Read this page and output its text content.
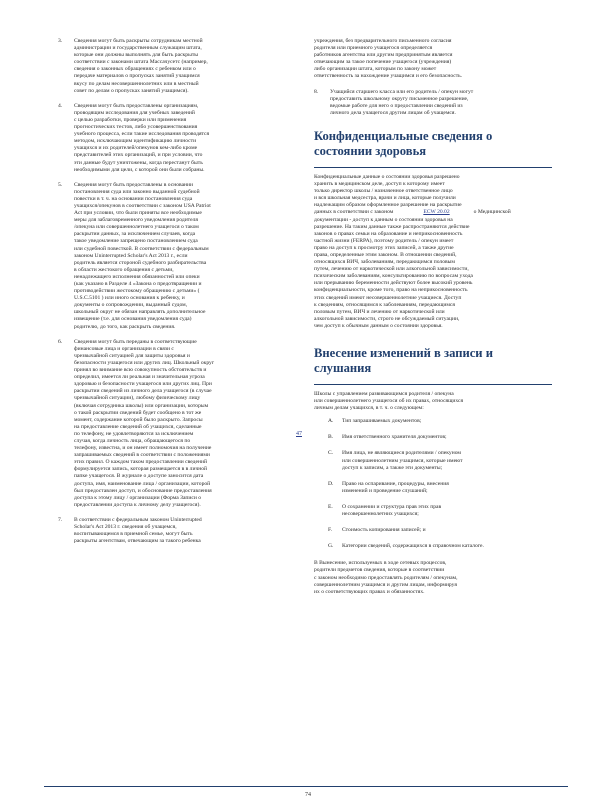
3. Сведения могут быть раскрыты сотрудникам местной
администрации и государственным служащим штата,
которые они должны выполнять для быть раскрыты
соответствии с законами штата Массачусетс (например,
сведения о законных обращениях с ребенком или о
передаче материалов о пропусках занятий учащимся
вкусу по делам несовершеннолетних или в местный
совет по делам о пропусках занятий учащимся).
4. Сведения могут быть предоставлены организациям,
проводящим исследования для учебных заведений
с целью разработки, проверки или применения
прогностических тестов, либо усовершенствования
учебного процесса, если такие исследования проводятся
методом, исключающим идентификацию личности
учащихся и их родителей/опекунов кем-либо кроме
представителей этих организаций, и при условии, что
эти данные будут уничтожены, когда перестанут быть
необходимыми для цели, с которой они были собраны.
5. Сведения могут быть предоставлены в основании
постановления суда или законно выданной судебной
повестки в т. ч. на основании постановления суда
учащихся/опекунов в соответствии с законом USA Patriot
Act при условии, что были приняты все необходимые
меры для заблаговременного уведомления родителя
/опекуна или совершеннолетнего учащегося о таком
раскрытии данных, за исключением случаев, когда
такое уведомление запрещено постановлением суда
или судебной повесткой. В соответствии с федеральным
законом Uninterrupted Scholar's Act 2013 г., если
родитель является стороной судебного разбирательства
в области жестокого обращения с детьми,
ненадлежащего исполнения обязанностей или опеки
(как указано в Разделе 4 «Закона о предотвращении и
противодействии жестокому обращению с детьми» (
U.S.C.5101 ) или иного основания к ребенку, и
документы о сопровождении, выданный судом,
школьный округ не обязан направлять дополнительное
извещение (т.е. для основания уведомления суда)
родителю, до того, как раскрыть сведения.
6. Сведения могут быть переданы в соответствующие
финансовые лица и организации в связи с
чрезвычайной ситуацией для защиты здоровья и
безопасности учащегося или других лиц. Школьный округ
принял во внимание всю совокупность обстоятельств и
определил, имеется ли реальная и значительная угроза
здоровью и безопасности учащегося или других лиц. При
раскрытии сведений из личного дела учащегося (в случае
чрезвычайной ситуации), любому физическому лицу
(включая сотрудника школы) или организации, которым
о такой раскрытии сведений будет сообщено в тот же
момент, содержание которой было раскрыто. Запросы
на предоставление сведений об учащихся, сделанные
по телефону, не удовлетворяются за исключением
случая, когда личность лица, обращающегося по
телефону, известна, и он имеет полномочия на получение
запрашиваемых сведений в соответствии с положениями
этих правил. О каждом таком предоставлении сведений
формулируется запись, которая размещается в в личной
папке учащегося. В журнале о доступе заносится дата
доступа, имя, наименование лица / организации, которой
был предоставлен доступ, и обоснование предоставления
доступа к этому лицу / организации (Форма Записи о
предоставлении доступа к личному делу учащегося).
7. В соответствии с федеральным законом Uninterrupted
Scholar's Act 2013 г. сведения об учащемся,
воспитывающемся в приемной семье, могут быть
раскрыты агентствам, отвечающим за такого ребенка
учреждения, без предварительного письменного согласия
родителя или приемного учащегося определяется
работников агентства или другим предпринятым является
отвечающим за такое попечение учащегося (учреждения)
либо организации штата, которым по закону может
ответственность за нахождение учащимся и его безопасность.
8. Учащийся старшего класса или его родитель / опекун могут
предоставить школьному округу письменное разрешение,
ведомые работе для него о предоставлении сведений из
личного дела учащегося другим лицам об учащемся.
Конфиденциальные сведения о состоянии здоровья
Конфиденциальные данные о состоянии здоровья разрешено
хранить в медицинском деле, доступ к которому имеет
только директор школы / назначенное ответственное лицо
и вся школьная медсестра, врачи и лица, которые получили
надлежащим образом оформленное разрешение на раскрытие
данных в соответствии с законом	ECW 20.02	о Медицинской
документации - доступ к данным о состоянии здоровья на
разрешение. На таким данные также распространяются действие
законов о правах семьи на образование и неприкосновенность
частной жизни (FERPA), поэтому родитель / опекун имеет
право на доступ к просмотру этих записей, а также другие
права, определенные этим законом. В отношении сведений,
относящихся ВИЧ, заболеваниям, передающимся половым
путем, лечению от наркотической или алкогольной зависимости,
психическим заболеваниям, консультированию по вопросам ухода
или прерыванию беременности действуют более высокий уровень
конфиденциальности, кроме того, право на неприкосновенность
этих сведений имеют несовершеннолетние учащиеся. Доступ
к сведениям, относящимся к заболеваниям, передающимся
половым путем, ВИЧ и лечению от наркотической или
алкогольной зависимости, строго не обсуждаемый ситуации,
чем доступ к обычным данным о состоянии здоровья.
Внесение изменений в записи и слушания
Школы с управлением развивающимся родителя / опекуна
или совершеннолетнего учащегося об их правах, относящихся
личным делам учащихся, в т. ч. о следующем:
A. Тип запрашиваемых документов;
B. Имя ответственного хранителя документов;
C. Имя лица, не являющиеся родителями / опекуном
или совершеннолетним учащимся, которые имеют
доступ к записям, а также эти документы;
D. Право на оспаривание, процедуры, внесения
изменений и проведение слушаний;
E. О сохранении и структура прав этих прав
несовершеннолетних учащихся;
F. Стоимость копирования записей; и
G. Категории сведений, содержащихся в справочном каталоге.
В Вынесение, используемых в ходе сетевых процессов,
родители предметов сведения, которые в соответствии
с законом необходимо предоставлять родителям / опекунам,
совершеннолетним учащимся и другим лицам, информируя
их о соответствующих правах и обязанностях.
47
74
